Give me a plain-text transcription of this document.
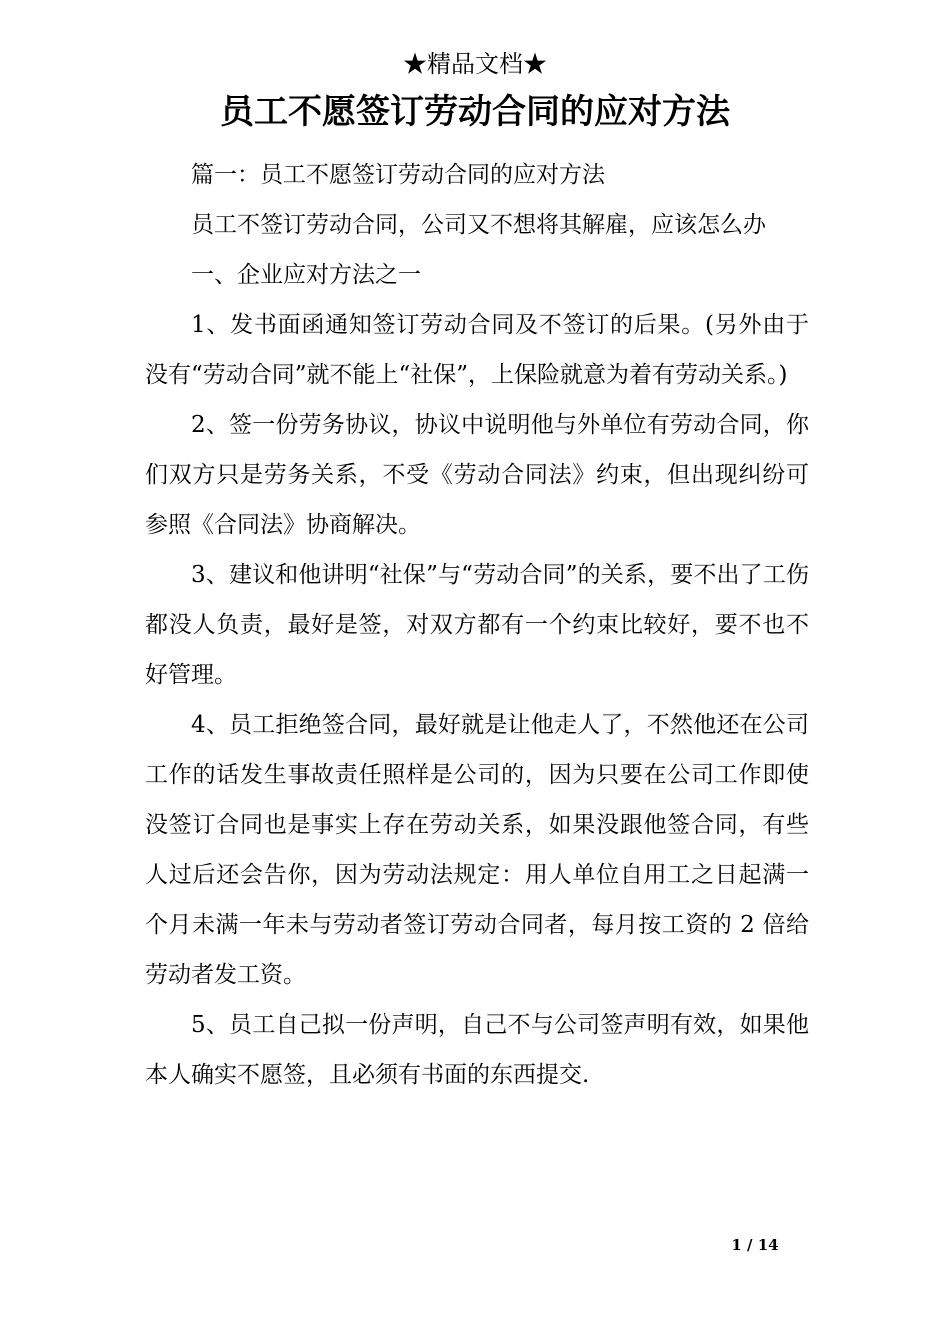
★精品文档★
员工不愿签订劳动合同的应对方法

篇一：员工不愿签订劳动合同的应对方法

员工不签订劳动合同，公司又不想将其解雇，应该怎么办

一、企业应对方法之一

1、发书面函通知签订劳动合同及不签订的后果。(另外由于没有“劳动合同”就不能上“社保”，上保险就意为着有劳动关系。)

2、签一份劳务协议，协议中说明他与外单位有劳动合同，你们双方只是劳务关系，不受《劳动合同法》约束，但出现纠纷可参照《合同法》协商解决。

3、建议和他讲明“社保”与“劳动合同”的关系，要不出了工伤都没人负责，最好是签，对双方都有一个约束比较好，要不也不好管理。

4、员工拒绝签合同，最好就是让他走人了，不然他还在公司工作的话发生事故责任照样是公司的，因为只要在公司工作即使没签订合同也是事实上存在劳动关系，如果没跟他签合同，有些人过后还会告你，因为劳动法规定：用人单位自用工之日起满一个月未满一年未与劳动者签订劳动合同者，每月按工资的 2 倍给劳动者发工资。

5、员工自己拟一份声明，自己不与公司签声明有效，如果他本人确实不愿签，且必须有书面的东西提交.

1 / 14
